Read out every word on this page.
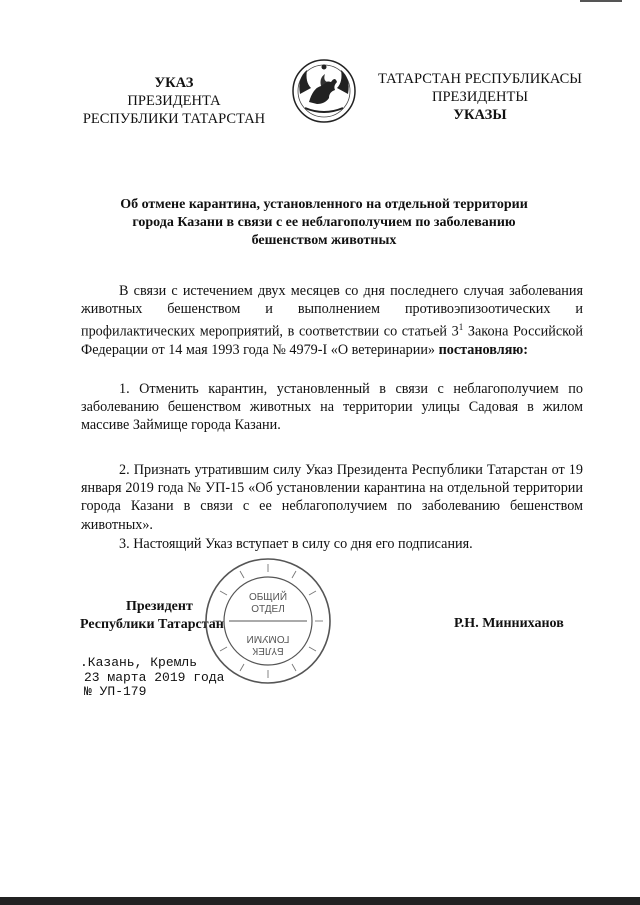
УКАЗ
ПРЕЗИДЕНТА
РЕСПУБЛИКИ ТАТАРСТАН
ТАТАРСТАН РЕСПУБЛИКАСЫ
ПРЕЗИДЕНТЫ
УКАЗЫ
Об отмене карантина, установленного на отдельной территории
города Казани в связи с ее неблагополучием по заболеванию
бешенством животных
В связи с истечением двух месяцев со дня последнего случая заболевания животных бешенством и выполнением противоэпизоотических и профилактических мероприятий, в соответствии со статьей $3^1$ Закона Российской Федерации от 14 мая 1993 года № 4979-I «О ветеринарии» постановляю:
1. Отменить карантин, установленный в связи с неблагополучием по заболеванию бешенством животных на территории улицы Садовая в жилом массиве Займище города Казани.
2. Признать утратившим силу Указ Президента Республики Татарстан от 19 января 2019 года № УП-15 «Об установлении карантина на отдельной территории города Казани в связи с ее неблагополучием по заболеванию бешенством животных».
3. Настоящий Указ вступает в силу со дня его подписания.
Президент
Республики Татарстан	Р.Н. Минниханов
ОБЩИЙ
ОТДЕЛ
ГОМУМИ
БҮЛЕК
.Казань, Кремль
23 марта 2019 года
№ УП-179
